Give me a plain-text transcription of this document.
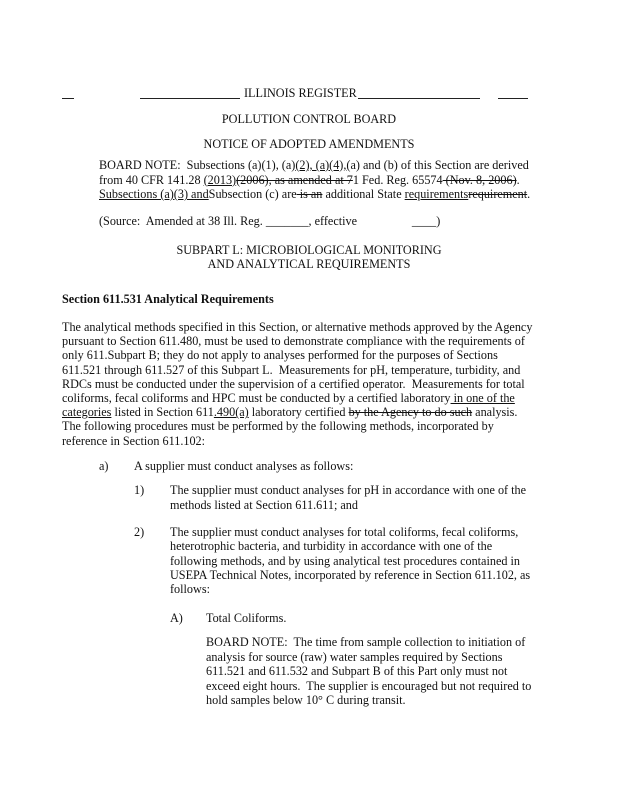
ILLINOIS REGISTER
POLLUTION CONTROL BOARD
NOTICE OF ADOPTED AMENDMENTS
BOARD NOTE:  Subsections (a)(1), (a)(2), (a)(4),(a) and (b) of this Section are derived
from 40 CFR 141.28 (2013)(2006), as amended at 71 Fed. Reg. 65574 (Nov. 8, 2006).
Subsections (a)(3) andSubsection (c) are is an additional State requirementsrequirement.
(Source:  Amended at 38 Ill. Reg. _______, effective                  ____)
SUBPART L: MICROBIOLOGICAL MONITORING
AND ANALYTICAL REQUIREMENTS
Section 611.531 Analytical Requirements
The analytical methods specified in this Section, or alternative methods approved by the Agency
pursuant to Section 611.480, must be used to demonstrate compliance with the requirements of
only 611.Subpart B; they do not apply to analyses performed for the purposes of Sections
611.521 through 611.527 of this Subpart L.  Measurements for pH, temperature, turbidity, and
RDCs must be conducted under the supervision of a certified operator.  Measurements for total
coliforms, fecal coliforms and HPC must be conducted by a certified laboratory in one of the
categories listed in Section 611.490(a) laboratory certified by the Agency to do such analysis.
The following procedures must be performed by the following methods, incorporated by
reference in Section 611.102:
a) A supplier must conduct analyses as follows:
1) The supplier must conduct analyses for pH in accordance with one of the
methods listed at Section 611.611; and
2) The supplier must conduct analyses for total coliforms, fecal coliforms,
heterotrophic bacteria, and turbidity in accordance with one of the
following methods, and by using analytical test procedures contained in
USEPA Technical Notes, incorporated by reference in Section 611.102, as
follows:
A) Total Coliforms.
BOARD NOTE:  The time from sample collection to initiation of
analysis for source (raw) water samples required by Sections
611.521 and 611.532 and Subpart B of this Part only must not
exceed eight hours.  The supplier is encouraged but not required to
hold samples below 10° C during transit.
